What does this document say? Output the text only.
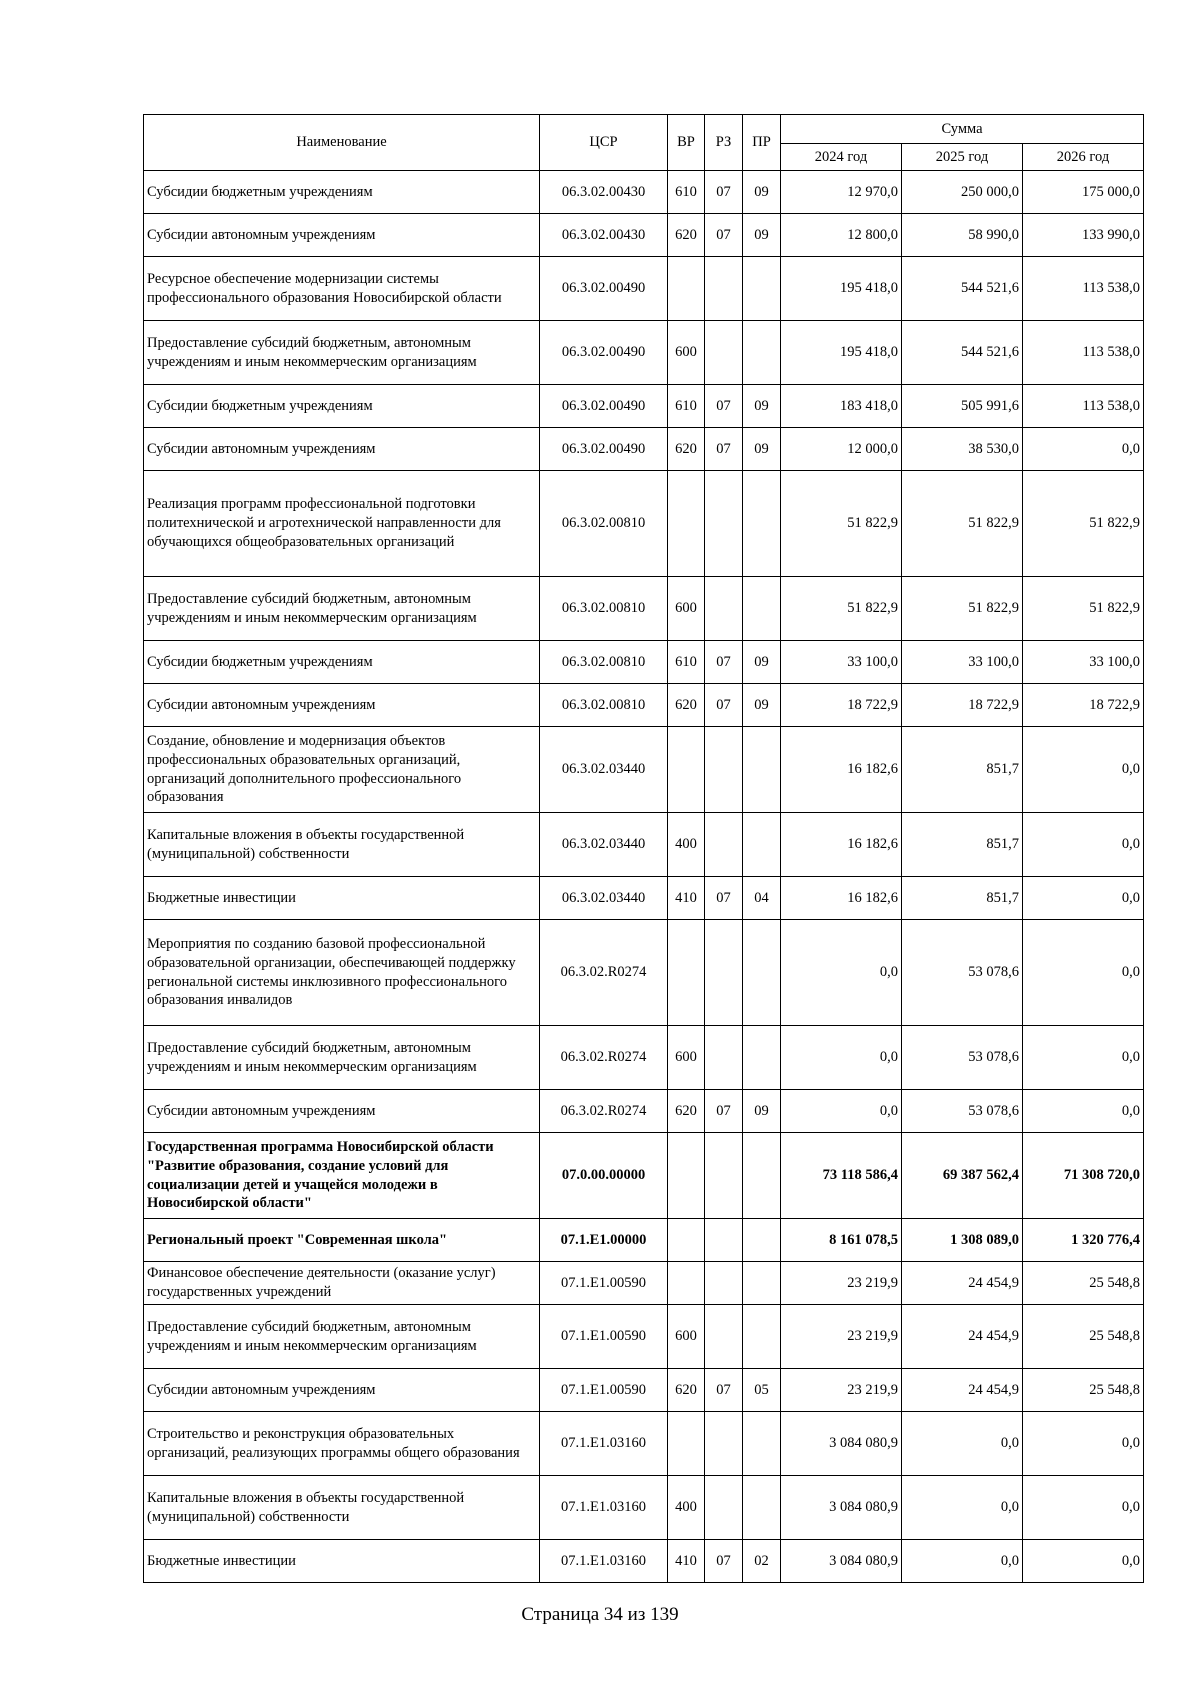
Наименование	ЦСР	ВР	РЗ	ПР	Сумма		
					2024 год	2025 год	2026 год
Субсидии бюджетным учреждениям	06.3.02.00430	610	07	09	12 970,0	250 000,0	175 000,0
Субсидии автономным учреждениям	06.3.02.00430	620	07	09	12 800,0	58 990,0	133 990,0
Ресурсное обеспечение модернизации системы профессионального образования Новосибирской области	06.3.02.00490				195 418,0	544 521,6	113 538,0
Предоставление субсидий бюджетным, автономным учреждениям и иным некоммерческим организациям	06.3.02.00490	600			195 418,0	544 521,6	113 538,0
Субсидии бюджетным учреждениям	06.3.02.00490	610	07	09	183 418,0	505 991,6	113 538,0
Субсидии автономным учреждениям	06.3.02.00490	620	07	09	12 000,0	38 530,0	0,0
Реализация программ профессиональной подготовки политехнической и агротехнической направленности для обучающихся общеобразовательных организаций	06.3.02.00810				51 822,9	51 822,9	51 822,9
Предоставление субсидий бюджетным, автономным учреждениям и иным некоммерческим организациям	06.3.02.00810	600			51 822,9	51 822,9	51 822,9
Субсидии бюджетным учреждениям	06.3.02.00810	610	07	09	33 100,0	33 100,0	33 100,0
Субсидии автономным учреждениям	06.3.02.00810	620	07	09	18 722,9	18 722,9	18 722,9
Создание, обновление и модернизация объектов профессиональных образовательных организаций, организаций дополнительного профессионального образования	06.3.02.03440				16 182,6	851,7	0,0
Капитальные вложения в объекты государственной (муниципальной) собственности	06.3.02.03440	400			16 182,6	851,7	0,0
Бюджетные инвестиции	06.3.02.03440	410	07	04	16 182,6	851,7	0,0
Мероприятия по созданию базовой профессиональной образовательной организации, обеспечивающей поддержку региональной системы инклюзивного профессионального образования инвалидов	06.3.02.R0274				0,0	53 078,6	0,0
Предоставление субсидий бюджетным, автономным учреждениям и иным некоммерческим организациям	06.3.02.R0274	600			0,0	53 078,6	0,0
Субсидии автономным учреждениям	06.3.02.R0274	620	07	09	0,0	53 078,6	0,0
Государственная программа Новосибирской области "Развитие образования, создание условий для социализации детей и учащейся молодежи в Новосибирской области"	07.0.00.00000				73 118 586,4	69 387 562,4	71 308 720,0
Региональный проект "Современная школа"	07.1.E1.00000				8 161 078,5	1 308 089,0	1 320 776,4
Финансовое обеспечение деятельности (оказание услуг) государственных учреждений	07.1.E1.00590				23 219,9	24 454,9	25 548,8
Предоставление субсидий бюджетным, автономным учреждениям и иным некоммерческим организациям	07.1.E1.00590	600			23 219,9	24 454,9	25 548,8
Субсидии автономным учреждениям	07.1.E1.00590	620	07	05	23 219,9	24 454,9	25 548,8
Строительство и реконструкция образовательных организаций, реализующих программы общего образования	07.1.E1.03160				3 084 080,9	0,0	0,0
Капитальные вложения в объекты государственной (муниципальной) собственности	07.1.E1.03160	400			3 084 080,9	0,0	0,0
Бюджетные инвестиции	07.1.E1.03160	410	07	02	3 084 080,9	0,0	0,0
Страница 34 из 139
